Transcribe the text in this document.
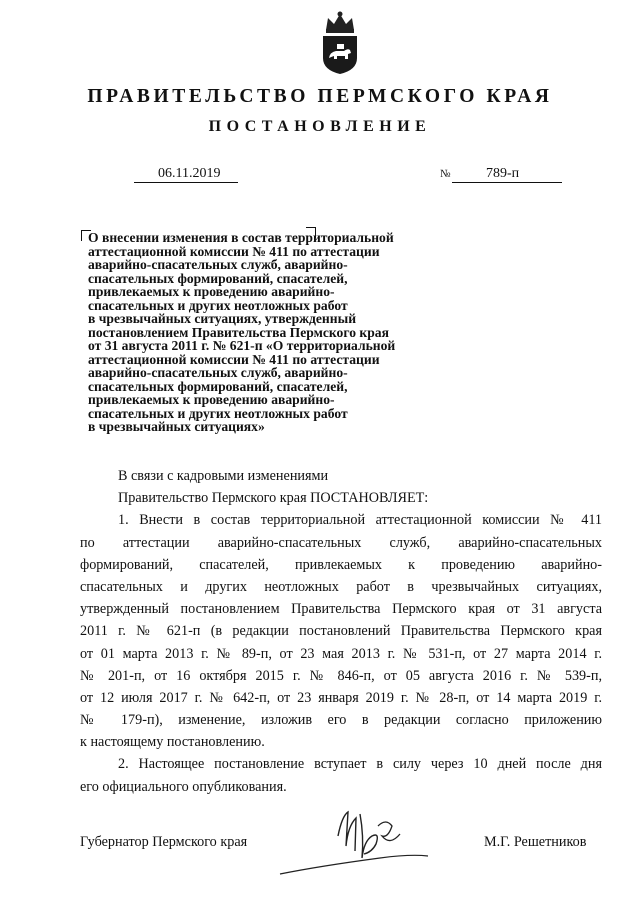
ПРАВИТЕЛЬСТВО ПЕРМСКОГО КРАЯ
ПОСТАНОВЛЕНИЕ
06.11.2019	№	789-п
О внесении изменения в состав территориальной
аттестационной комиссии № 411 по аттестации
аварийно-спасательных служб, аварийно-
спасательных формирований, спасателей,
привлекаемых к проведению аварийно-
спасательных и других неотложных работ
в чрезвычайных ситуациях, утвержденный
постановлением Правительства Пермского края
от 31 августа 2011 г. № 621-п «О территориальной
аттестационной комиссии № 411 по аттестации
аварийно-спасательных служб, аварийно-
спасательных формирований, спасателей,
привлекаемых к проведению аварийно-
спасательных и других неотложных работ
в чрезвычайных ситуациях»
В связи с кадровыми изменениями
Правительство Пермского края ПОСТАНОВЛЯЕТ:
1. Внести в состав территориальной аттестационной комиссии № 411
по аттестации аварийно-спасательных служб, аварийно-спасательных
формирований, спасателей, привлекаемых к проведению аварийно-
спасательных и других неотложных работ в чрезвычайных ситуациях,
утвержденный постановлением Правительства Пермского края от 31 августа
2011 г. № 621-п (в редакции постановлений Правительства Пермского края
от 01 марта 2013 г. № 89-п, от 23 мая 2013 г. № 531-п, от 27 марта 2014 г.
№ 201-п, от 16 октября 2015 г. № 846-п, от 05 августа 2016 г. № 539-п,
от 12 июля 2017 г. № 642-п, от 23 января 2019 г. № 28-п, от 14 марта 2019 г.
№ 179-п), изменение, изложив его в редакции согласно приложению
к настоящему постановлению.
2. Настоящее постановление вступает в силу через 10 дней после дня
его официального опубликования.
Губернатор Пермского края	М.Г. Решетников
